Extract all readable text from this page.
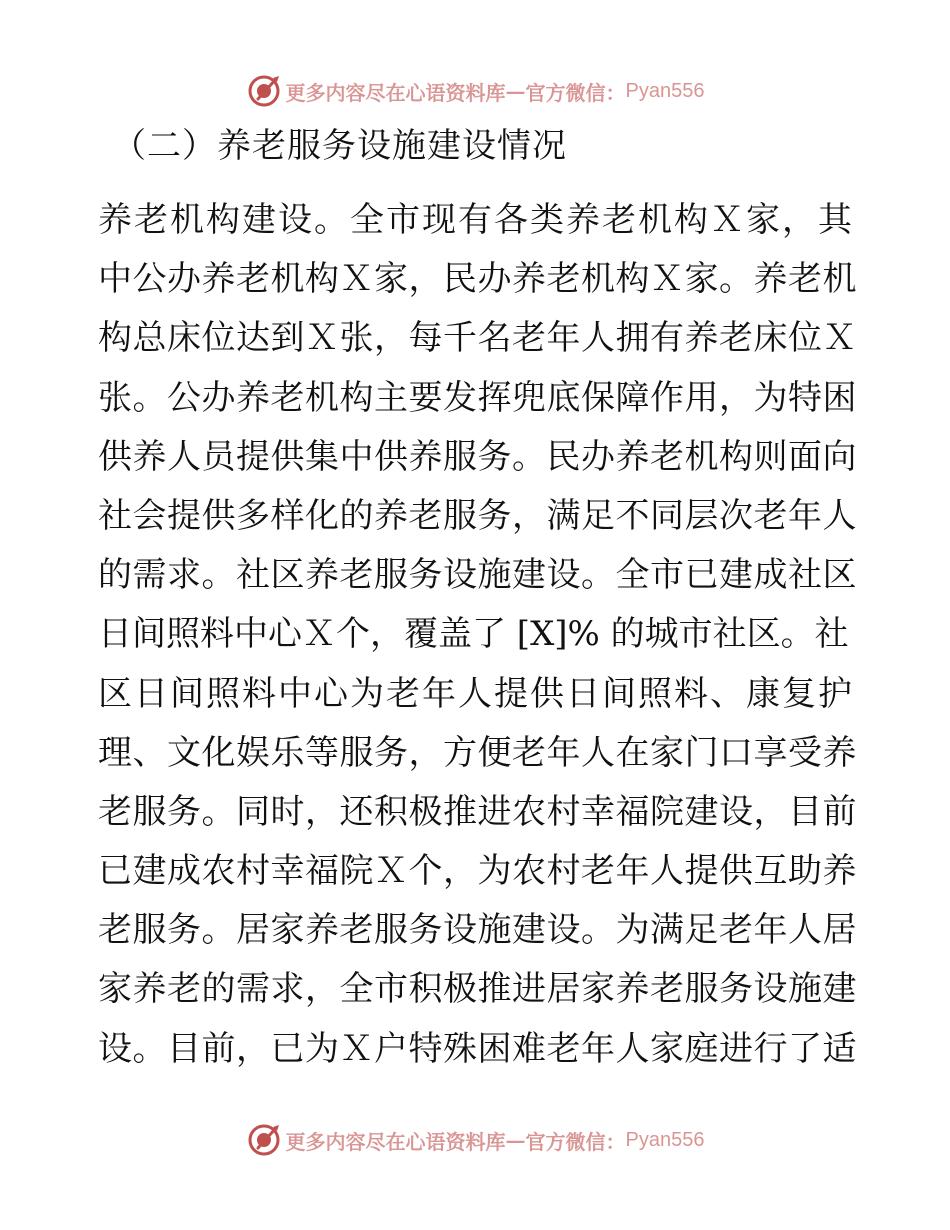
更多内容尽在心语资料库 — 官方微信： Pyan556
（二）养老服务设施建设情况
养老机构建设。全市现有各类养老机构Ｘ家，其
中公办养老机构Ｘ家，民办养老机构Ｘ家。养老机
构总床位达到Ｘ张，每千名老年人拥有养老床位Ｘ
张。公办养老机构主要发挥兜底保障作用，为特困
供养人员提供集中供养服务。民办养老机构则面向
社会提供多样化的养老服务，满足不同层次老年人
的需求。社区养老服务设施建设。全市已建成社区
日间照料中心Ｘ个，覆盖了 [X]% 的城市社区。社
区日间照料中心为老年人提供日间照料、康复护
理、文化娱乐等服务，方便老年人在家门口享受养
老服务。同时，还积极推进农村幸福院建设，目前
已建成农村幸福院Ｘ个，为农村老年人提供互助养
老服务。居家养老服务设施建设。为满足老年人居
家养老的需求，全市积极推进居家养老服务设施建
设。目前，已为Ｘ户特殊困难老年人家庭进行了适
更多内容尽在心语资料库 — 官方微信： Pyan556
